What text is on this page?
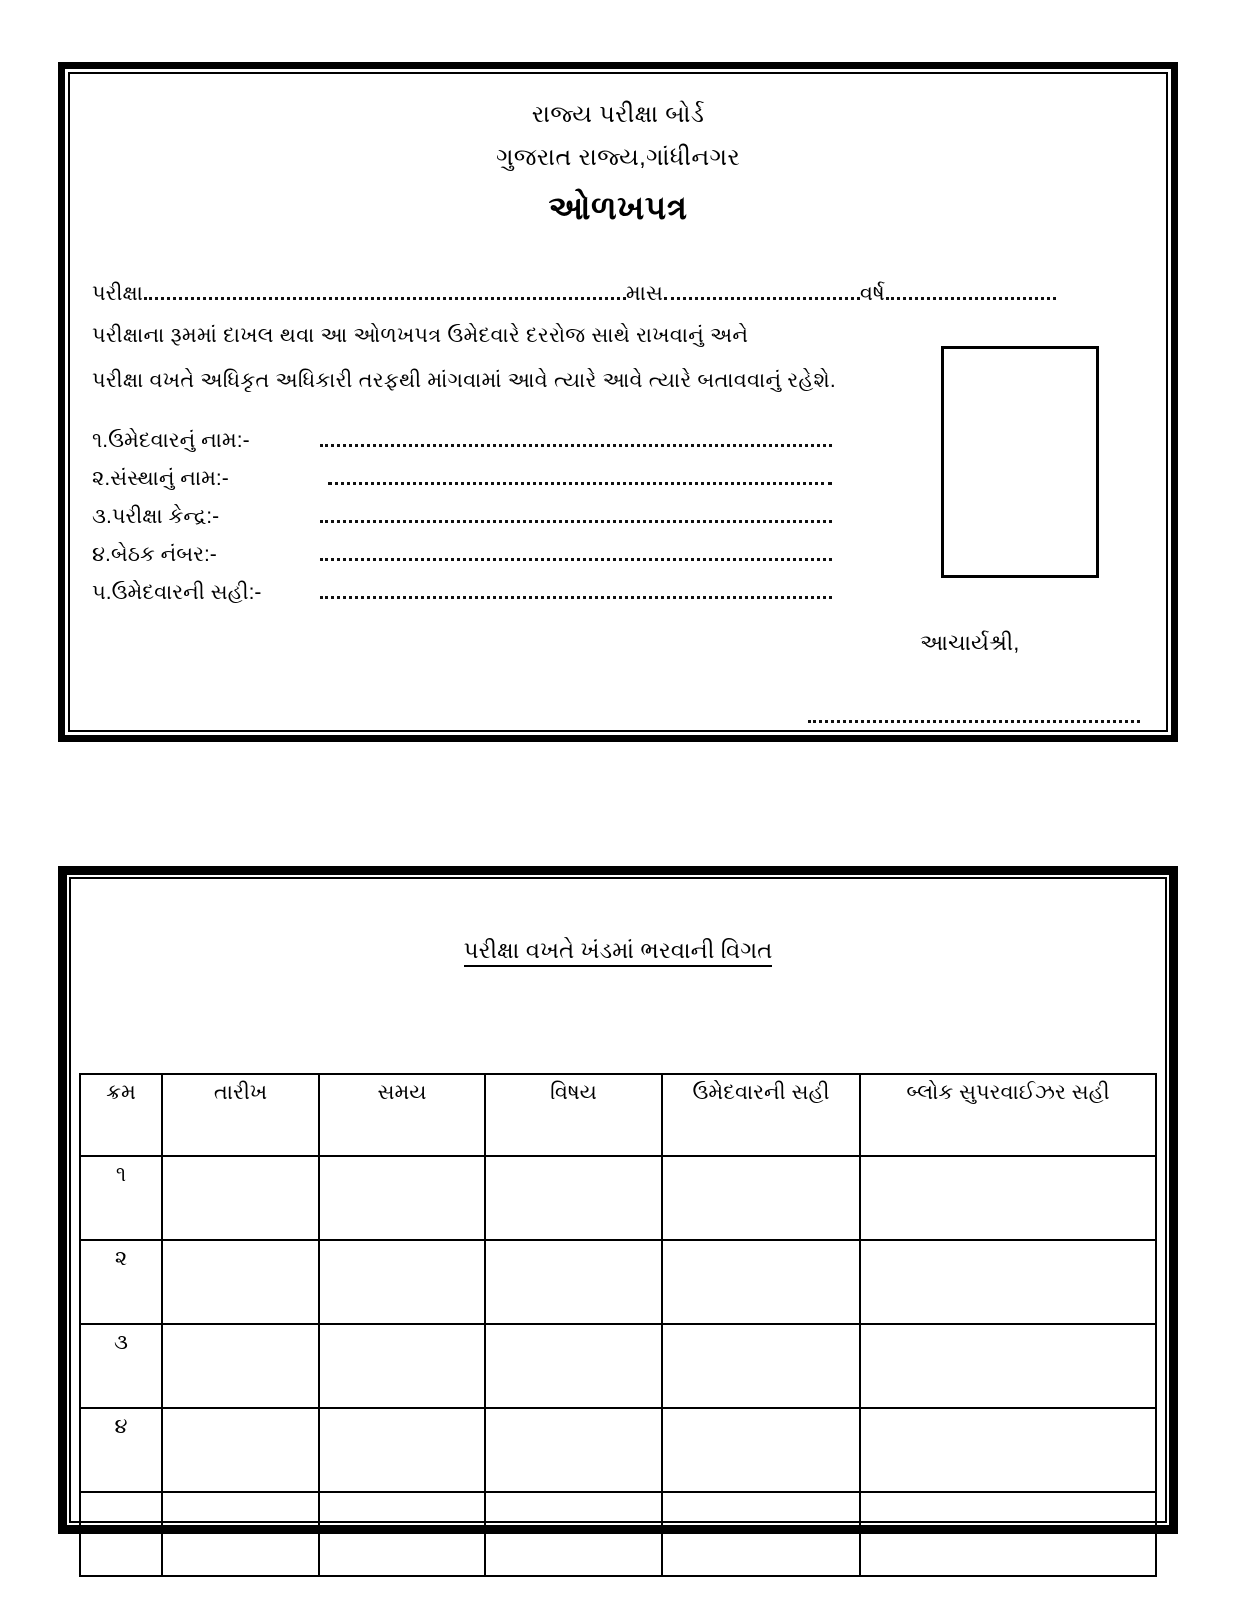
રાજ્ય પરીક્ષા બોર્ડ
ગુજરાત રાજ્ય,ગાંધીનગર
ઓળખપત્ર
પરીક્ષા	માસ	વર્ષ
પરીક્ષાના રૂમમાં દાખલ થવા આ ઓળખપત્ર ઉમેદવારે દરરોજ સાથે રાખવાનું અને
પરીક્ષા વખતે અધિકૃત અધિકારી તરફથી માંગવામાં આવે ત્યારે આવે ત્યારે બતાવવાનું રહેશે.
૧.ઉમેદવારનું નામ:-
૨.સંસ્થાનું નામ:-
૩.પરીક્ષા કેન્દ્ર:-
૪.બેઠક નંબર:-
૫.ઉમેદવારની સહી:-
આચાર્યશ્રી,
પરીક્ષા વખતે ખંડમાં ભરવાની વિગત
ક્રમ	તારીખ	સમય	વિષય	ઉમેદવારની સહી	બ્લોક સુપરવાઈઝર સહી
૧					
૨					
૩					
૪					
